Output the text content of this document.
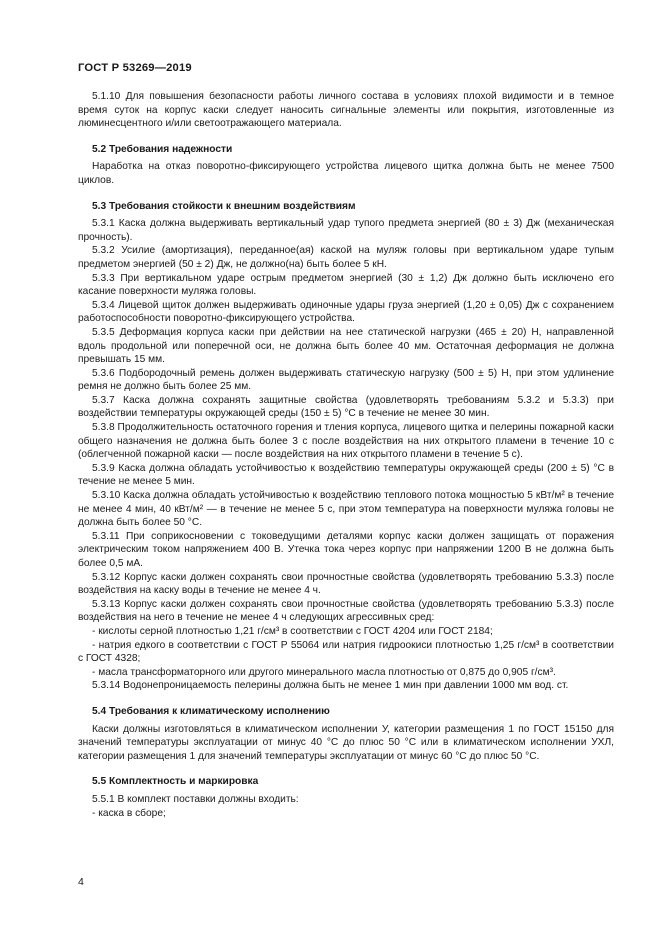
ГОСТ Р 53269—2019

5.1.10 Для повышения безопасности работы личного состава в условиях плохой видимости и в темное время суток на корпус каски следует наносить сигнальные элементы или покрытия, изготовленные из люминесцентного и/или светоотражающего материала.

5.2 Требования надежности

Наработка на отказ поворотно-фиксирующего устройства лицевого щитка должна быть не менее 7500 циклов.

5.3 Требования стойкости к внешним воздействиям

5.3.1 Каска должна выдерживать вертикальный удар тупого предмета энергией (80 ± 3) Дж (механическая прочность).

5.3.2 Усилие (амортизация), переданное(ая) каской на муляж головы при вертикальном ударе тупым предметом энергией (50 ± 2) Дж, не должно(на) быть более 5 кН.

5.3.3 При вертикальном ударе острым предметом энергией (30 ± 1,2) Дж должно быть исключено его касание поверхности муляжа головы.

5.3.4 Лицевой щиток должен выдерживать одиночные удары груза энергией (1,20 ± 0,05) Дж с сохранением работоспособности поворотно-фиксирующего устройства.

5.3.5 Деформация корпуса каски при действии на нее статической нагрузки (465 ± 20) Н, направленной вдоль продольной или поперечной оси, не должна быть более 40 мм. Остаточная деформация не должна превышать 15 мм.

5.3.6 Подбородочный ремень должен выдерживать статическую нагрузку (500 ± 5) Н, при этом удлинение ремня не должно быть более 25 мм.

5.3.7 Каска должна сохранять защитные свойства (удовлетворять требованиям 5.3.2 и 5.3.3) при воздействии температуры окружающей среды (150 ± 5) °С в течение не менее 30 мин.

5.3.8 Продолжительность остаточного горения и тления корпуса, лицевого щитка и пелерины пожарной каски общего назначения не должна быть более 3 с после воздействия на них открытого пламени в течение 10 с (облегченной пожарной каски — после воздействия на них открытого пламени в течение 5 с).

5.3.9 Каска должна обладать устойчивостью к воздействию температуры окружающей среды (200 ± 5) °С в течение не менее 5 мин.

5.3.10 Каска должна обладать устойчивостью к воздействию теплового потока мощностью 5 кВт/м² в течение не менее 4 мин, 40 кВт/м² — в течение не менее 5 с, при этом температура на поверхности муляжа головы не должна быть более 50 °С.

5.3.11 При соприкосновении с токоведущими деталями корпус каски должен защищать от поражения электрическим током напряжением 400 В. Утечка тока через корпус при напряжении 1200 В не должна быть более 0,5 мА.

5.3.12 Корпус каски должен сохранять свои прочностные свойства (удовлетворять требованию 5.3.3) после воздействия на каску воды в течение не менее 4 ч.

5.3.13 Корпус каски должен сохранять свои прочностные свойства (удовлетворять требованию 5.3.3) после воздействия на него в течение не менее 4 ч следующих агрессивных сред:

- кислоты серной плотностью 1,21 г/см³ в соответствии с ГОСТ 4204 или ГОСТ 2184;

- натрия едкого в соответствии с ГОСТ Р 55064 или натрия гидроокиси плотностью 1,25 г/см³ в соответствии с ГОСТ 4328;

- масла трансформаторного или другого минерального масла плотностью от 0,875 до 0,905 г/см³.

5.3.14 Водонепроницаемость пелерины должна быть не менее 1 мин при давлении 1000 мм вод. ст.

5.4 Требования к климатическому исполнению

Каски должны изготовляться в климатическом исполнении У, категории размещения 1 по ГОСТ 15150 для значений температуры эксплуатации от минус 40 °С до плюс 50 °С или в климатическом исполнении УХЛ, категории размещения 1 для значений температуры эксплуатации от минус 60 °С до плюс 50 °С.

5.5 Комплектность и маркировка

5.5.1 В комплект поставки должны входить:

- каска в сборе;

4
